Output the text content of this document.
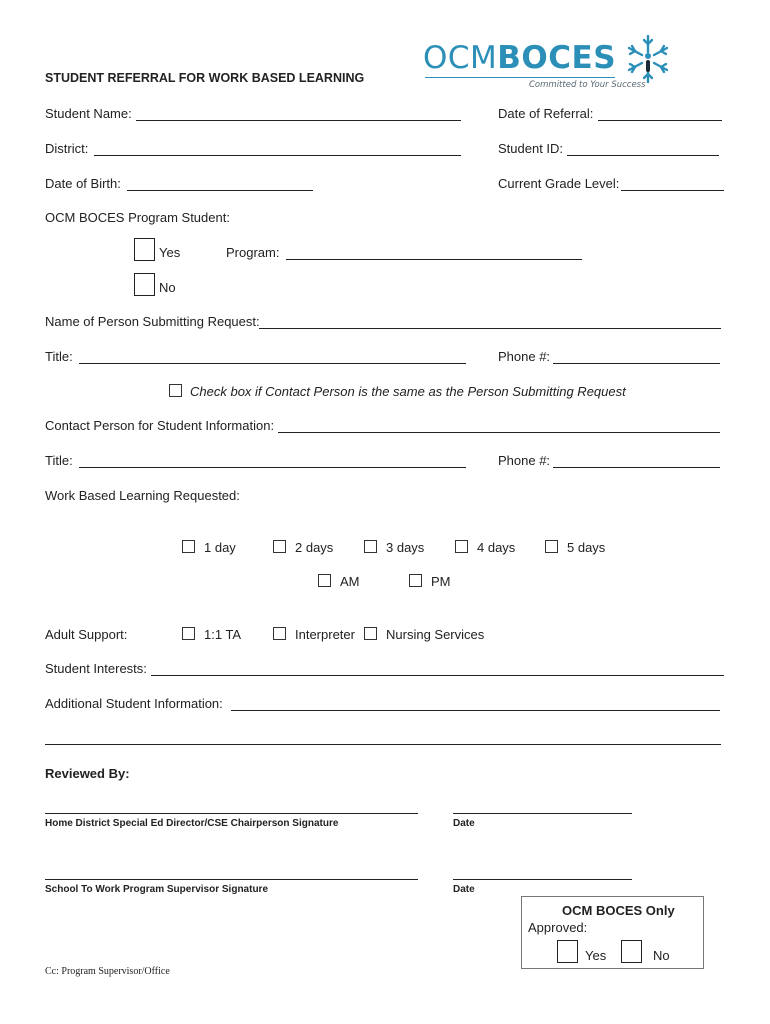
OCMBOCES
Committed to Your Success
STUDENT REFERRAL FOR WORK BASED LEARNING
Student Name:	Date of Referral:
District:	Student ID:
Date of Birth:	Current Grade Level:
OCM BOCES Program Student:
Yes	Program:
No
Name of Person Submitting Request:
Title:	Phone #:
Check box if Contact Person is the same as the Person Submitting Request
Contact Person for Student Information:
Title:	Phone #:
Work Based Learning Requested:
1 day	2 days	3 days	4 days	5 days
AM	PM
Adult Support:	1:1 TA	Interpreter Nursing Services
Student Interests:
Additional Student Information:
Reviewed By:
Home District Special Ed Director/CSE Chairperson Signature	Date
School To Work Program Supervisor Signature	Date
OCM BOCES Only
Approved:
Yes	No
Cc: Program Supervisor/Office
